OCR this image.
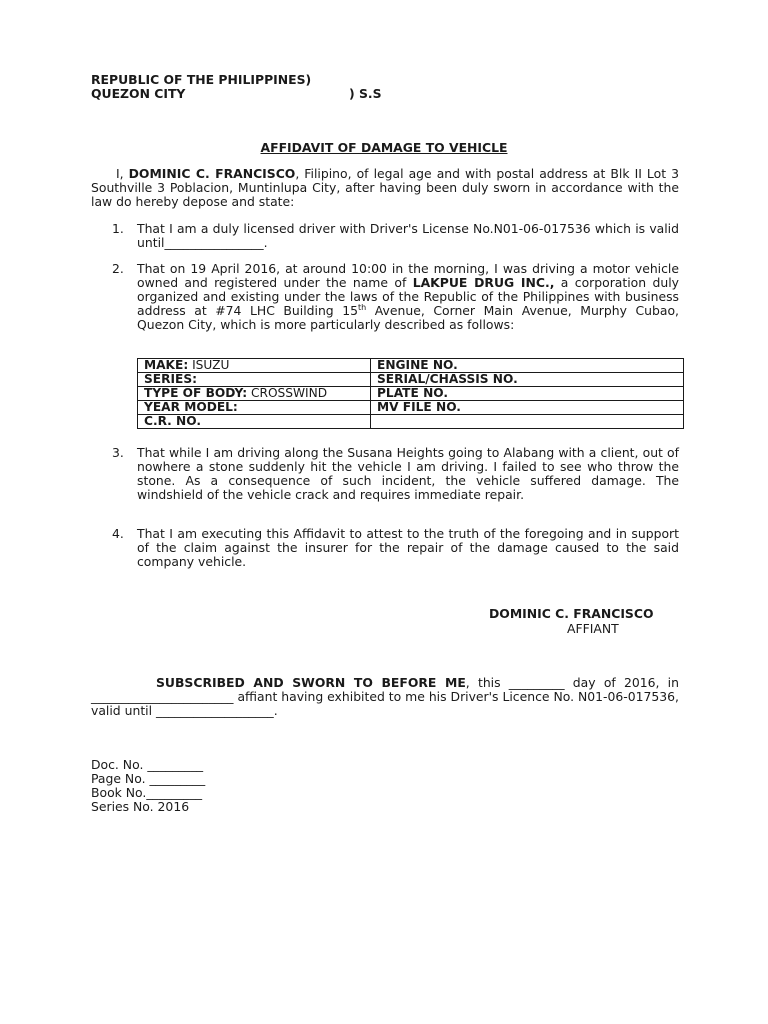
REPUBLIC OF THE PHILIPPINES)
QUEZON CITY	) S.S
AFFIDAVIT OF DAMAGE TO VEHICLE
I, DOMINIC C. FRANCISCO, Filipino, of legal age and with postal address at Blk II Lot 3 Southville 3 Poblacion, Muntinlupa City, after having been duly sworn in accordance with the law do hereby depose and state:
1.	That I am a duly licensed driver with Driver's License No.N01-06-017536 which is valid until________________.
2.	That on 19 April 2016, at around 10:00 in the morning, I was driving a motor vehicle owned and registered under the name of LAKPUE DRUG INC., a corporation duly organized and existing under the laws of the Republic of the Philippines with business address at #74 LHC Building 15th Avenue, Corner Main Avenue, Murphy Cubao, Quezon City, which is more particularly described as follows:
MAKE: ISUZU	ENGINE NO.
SERIES:	SERIAL/CHASSIS NO.
TYPE OF BODY: CROSSWIND	PLATE NO.
YEAR MODEL:	MV FILE NO.
C.R. NO.	
3.	That while I am driving along the Susana Heights going to Alabang with a client, out of nowhere a stone suddenly hit the vehicle I am driving. I failed to see who throw the stone. As a consequence of such incident, the vehicle suffered damage. The windshield of the vehicle crack and requires immediate repair.
4.	That I am executing this Affidavit to attest to the truth of the foregoing and in support of the claim against the insurer for the repair of the damage caused to the said company vehicle.
DOMINIC C. FRANCISCO
AFFIANT
SUBSCRIBED AND SWORN TO BEFORE ME, this _________ day of 2016, in _______________________ affiant having exhibited to me his Driver's Licence No. N01-06-017536, valid until ___________________.
Doc. No. _________
Page No. _________
Book No._________
Series No. 2016
